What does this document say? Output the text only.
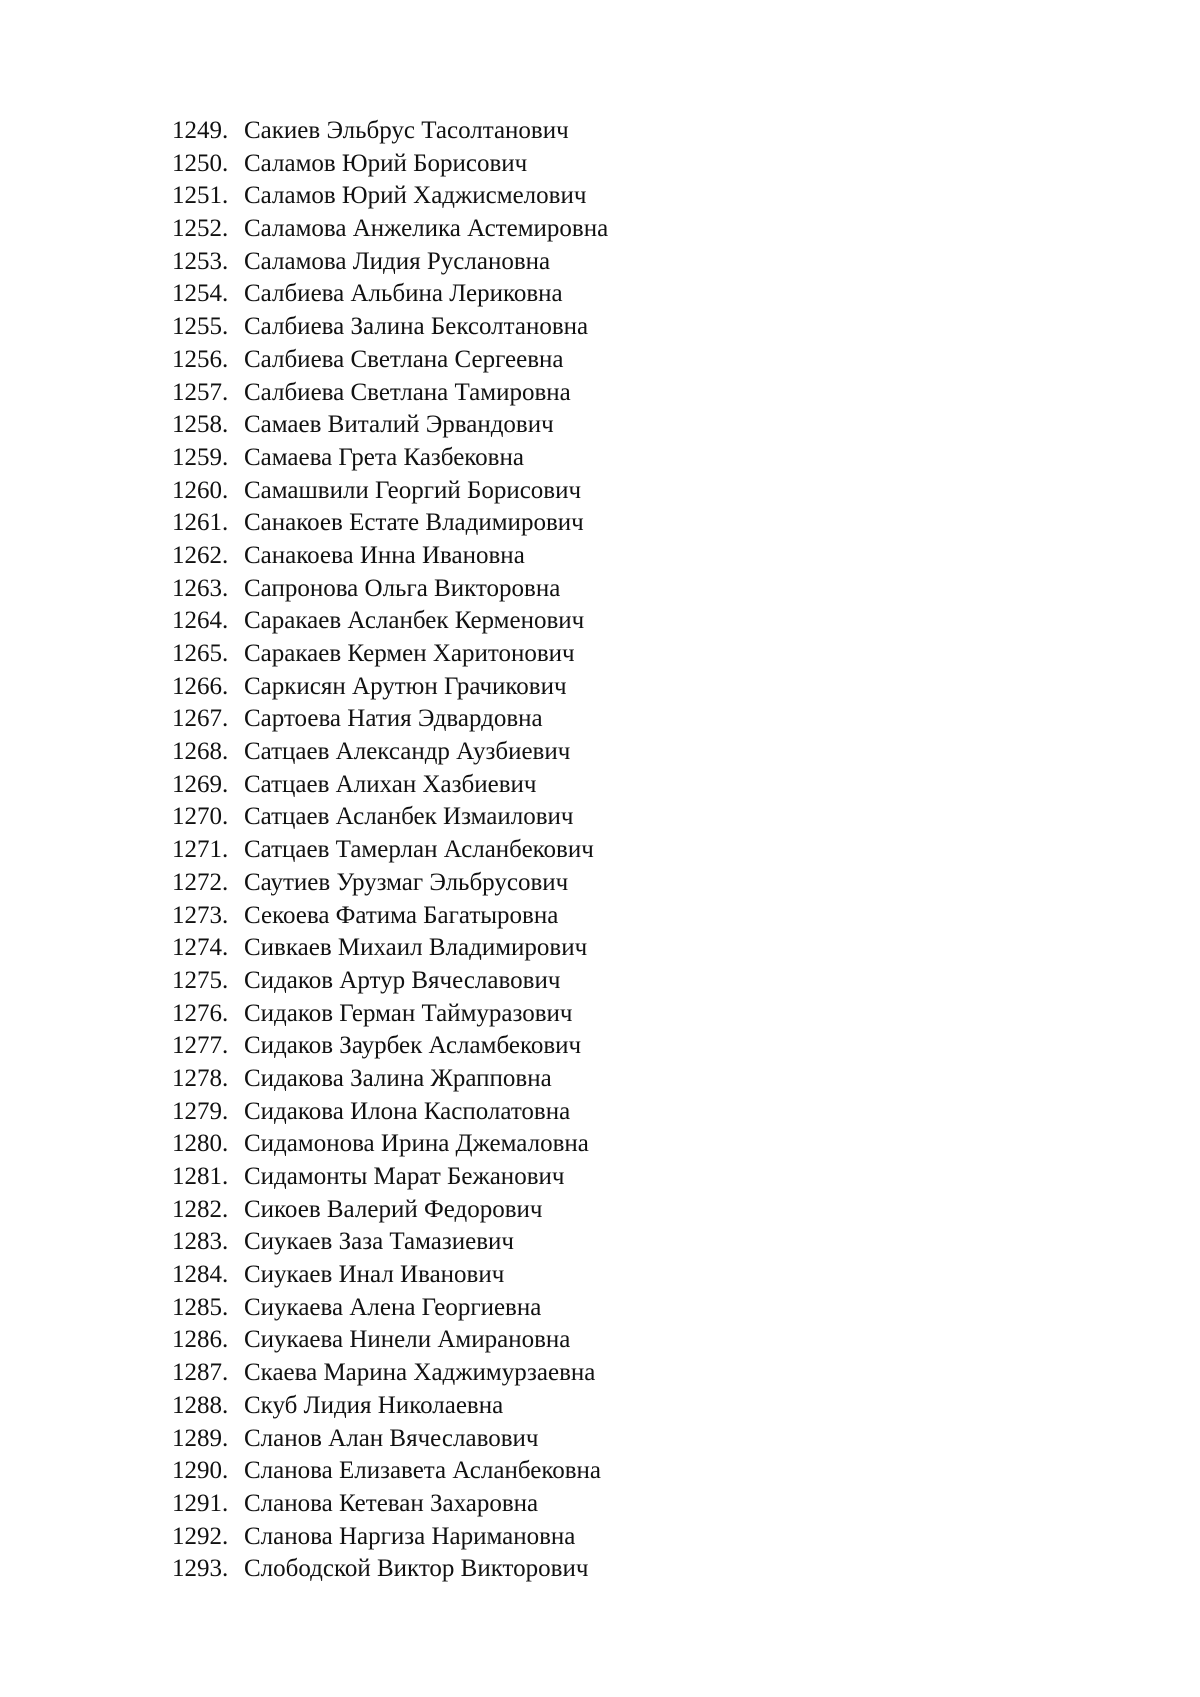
1249. Сакиев Эльбрус Тасолтанович
1250. Саламов Юрий Борисович
1251. Саламов Юрий Хаджисмелович
1252. Саламова Анжелика Астемировна
1253. Саламова Лидия Руслановна
1254. Салбиева Альбина Лериковна
1255. Салбиева Залина Бексолтановна
1256. Салбиева Светлана Сергеевна
1257. Салбиева Светлана Тамировна
1258. Самаев Виталий Эрвандович
1259. Самаева Грета Казбековна
1260. Самашвили Георгий Борисович
1261. Санакоев Естате Владимирович
1262. Санакоева Инна Ивановна
1263. Сапронова Ольга Викторовна
1264. Саракаев Асланбек Керменович
1265. Саракаев Кермен Харитонович
1266. Саркисян Арутюн Грачикович
1267. Сартоева Натия Эдвардовна
1268. Сатцаев Александр Аузбиевич
1269. Сатцаев Алихан Хазбиевич
1270. Сатцаев Асланбек Измаилович
1271. Сатцаев Тамерлан Асланбекович
1272. Саутиев Урузмаг Эльбрусович
1273. Секоева Фатима Багатыровна
1274. Сивкаев Михаил Владимирович
1275. Сидаков Артур Вячеславович
1276. Сидаков Герман Таймуразович
1277. Сидаков Заурбек Асламбекович
1278. Сидакова Залина Жрапповна
1279. Сидакова Илона Касполатовна
1280. Сидамонова Ирина Джемаловна
1281. Сидамонты Марат Бежанович
1282. Сикоев Валерий Федорович
1283. Сиукаев Заза Тамазиевич
1284. Сиукаев Инал Иванович
1285. Сиукаева Алена Георгиевна
1286. Сиукаева Нинели Амирановна
1287. Скаева Марина Хаджимурзаевна
1288. Скуб Лидия Николаевна
1289. Сланов Алан Вячеславович
1290. Сланова Елизавета Асланбековна
1291. Сланова Кетеван Захаровна
1292. Сланова Наргиза Наримановна
1293. Слободской Виктор Викторович
